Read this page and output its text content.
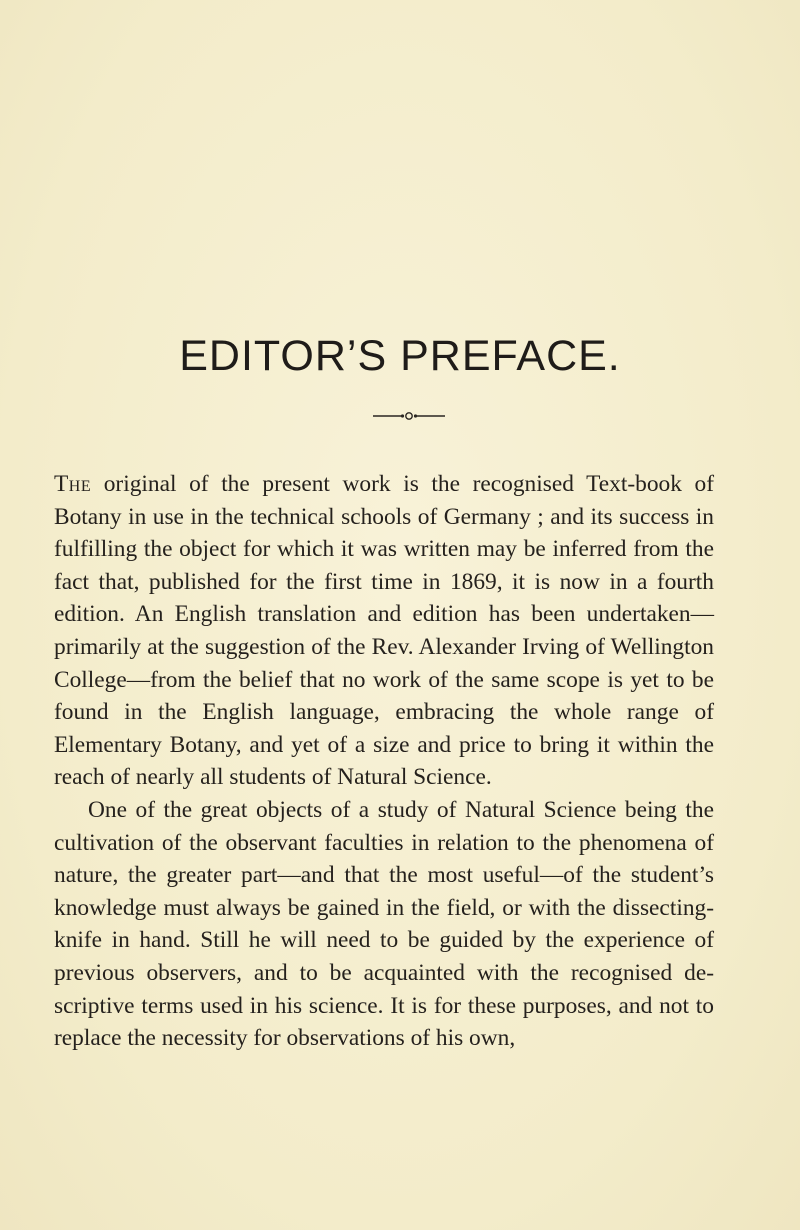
EDITOR’S PREFACE.

The original of the present work is the recognised Text-book of Botany in use in the technical schools of Germany ; and its success in fulfilling the object for which it was written may be inferred from the fact that, published for the first time in 1869, it is now in a fourth edition. An English translation and edition has been undertaken—primarily at the suggestion of the Rev. Alexander Irving of Wellington College—from the belief that no work of the same scope is yet to be found in the English language, embracing the whole range of Elementary Botany, and yet of a size and price to bring it within the reach of nearly all students of Natural Science.

One of the great objects of a study of Natural Science being the cultivation of the observant faculties in relation to the phenomena of nature, the greater part—and that the most useful—of the student’s knowledge must always be gained in the field, or with the dissecting-knife in hand. Still he will need to be guided by the experience of previous observers, and to be acquainted with the recognised de-scriptive terms used in his science. It is for these purposes, and not to replace the necessity for observations of his own,
